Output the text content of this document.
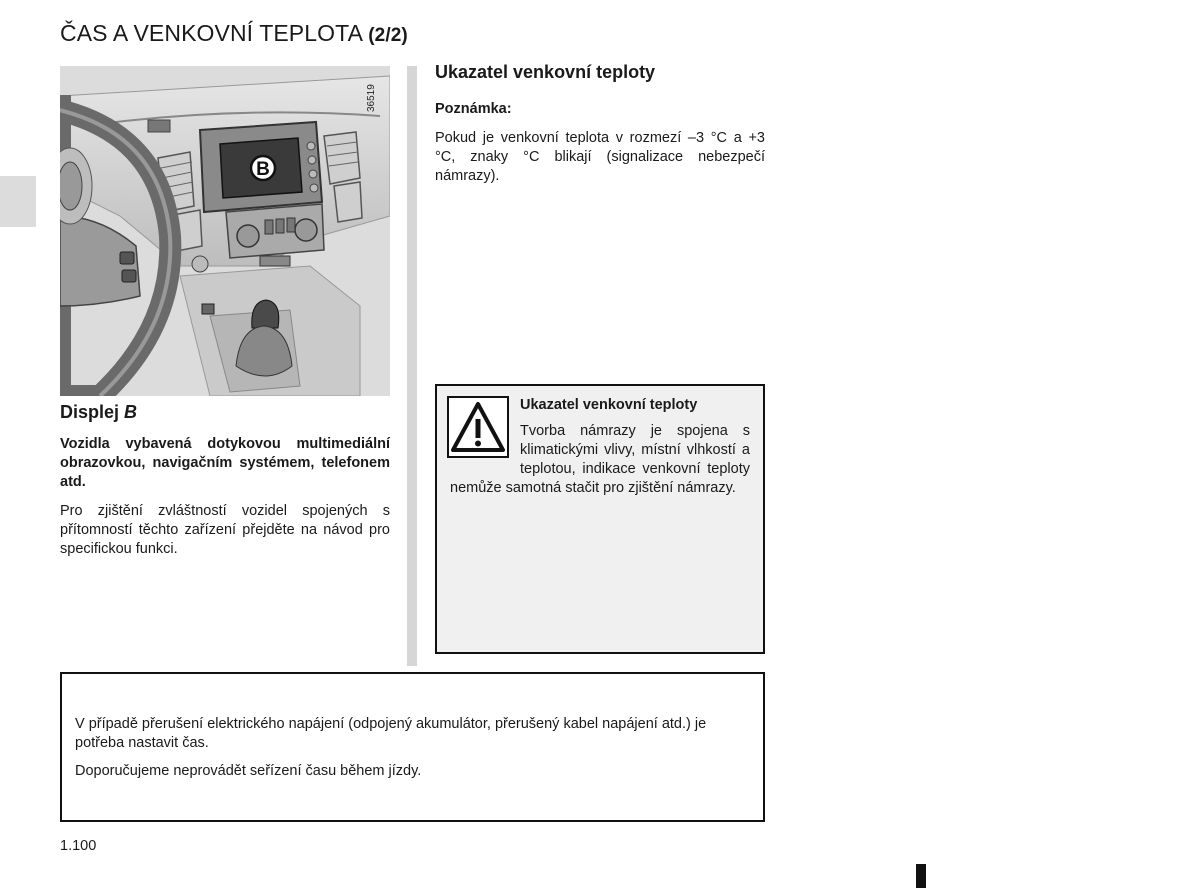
ČAS A VENKOVNÍ TEPLOTA (2/2)
B
36519
Displej B

Vozidla vybavená dotykovou multimediální obrazovkou, navigačním systémem, telefonem atd.

Pro zjištění zvláštností vozidel spojených s přítomností těchto zařízení přejděte na návod pro specifickou funkci.

Ukazatel venkovní teploty
Poznámka:

Pokud je venkovní teplota v rozmezí –3 °C a +3 °C, znaky °C blikají (signalizace nebezpečí námrazy).

Ukazatel venkovní teploty
Tvorba námrazy je spojena s klimatickými vlivy, místní vlhkostí a teplotou, indikace venkovní teploty nemůže samotná stačit pro zjištění námrazy.

V případě přerušení elektrického napájení (odpojený akumulátor, přerušený kabel napájení atd.) je potřeba nastavit čas.

Doporučujeme neprovádět seřízení času během jízdy.

1.100
